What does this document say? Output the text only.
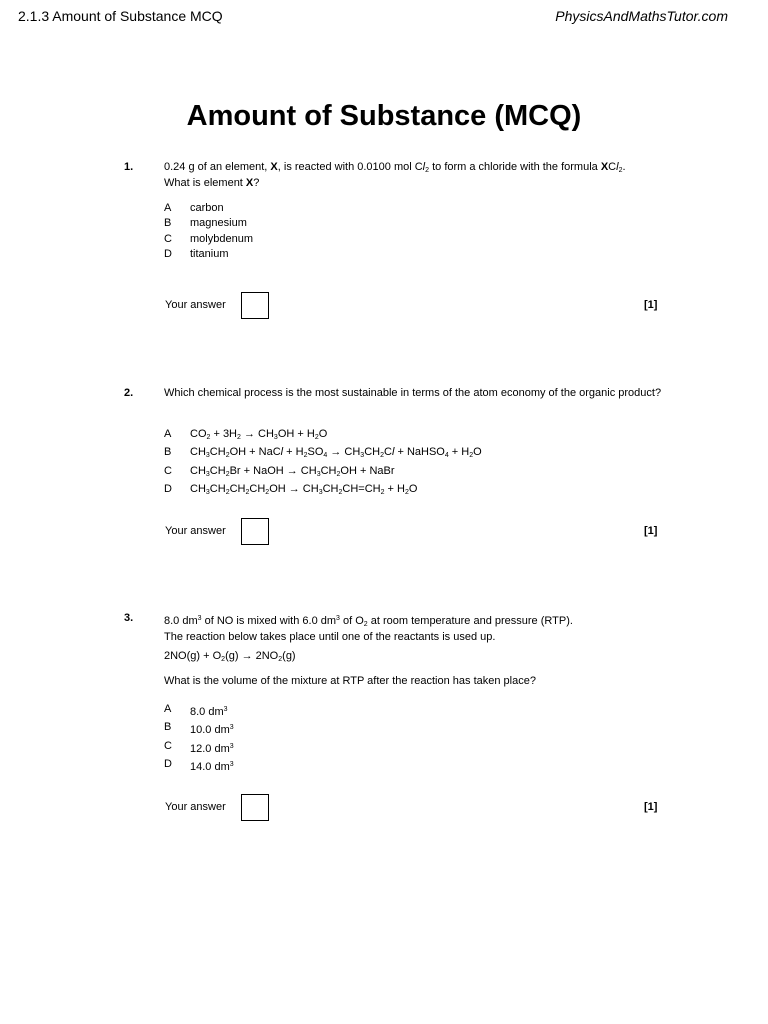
2.1.3 Amount of Substance MCQ	PhysicsAndMathsTutor.com
Amount of Substance (MCQ)
1.	0.24 g of an element, X, is reacted with 0.0100 mol $Cl_2$ to form a chloride with the formula XCl$_2$.
What is element X?
A	carbon
B	magnesium
C	molybdenum
D	titanium
Your answer	[1]
2.	Which chemical process is the most sustainable in terms of the atom economy of the organic product?
A	$CO_2 + 3H_2 \to CH_3OH + H_2O$
B	$CH_3CH_2OH$ + NaCl + $H_2SO_4 \to CH_3CH_2Cl$ + NaHSO$_4$ + $H_2O$
C	$CH_3CH_2Br$ + NaOH → $CH_3CH_2OH$ + NaBr
D	$CH_3CH_2CH_2CH_2OH \to CH_3CH_2CH=CH_2 + H_2O$
Your answer	[1]
3.	8.0 $dm^3$ of NO is mixed with 6.0 $dm^3$ of $O_2$ at room temperature and pressure (RTP).
The reaction below takes place until one of the reactants is used up.
$2NO(g) + O_2(g) \to 2NO_2(g)$
What is the volume of the mixture at RTP after the reaction has taken place?
A	8.0 $dm^3$
B	10.0 $dm^3$
C	12.0 $dm^3$
D	14.0 $dm^3$
Your answer	[1]
